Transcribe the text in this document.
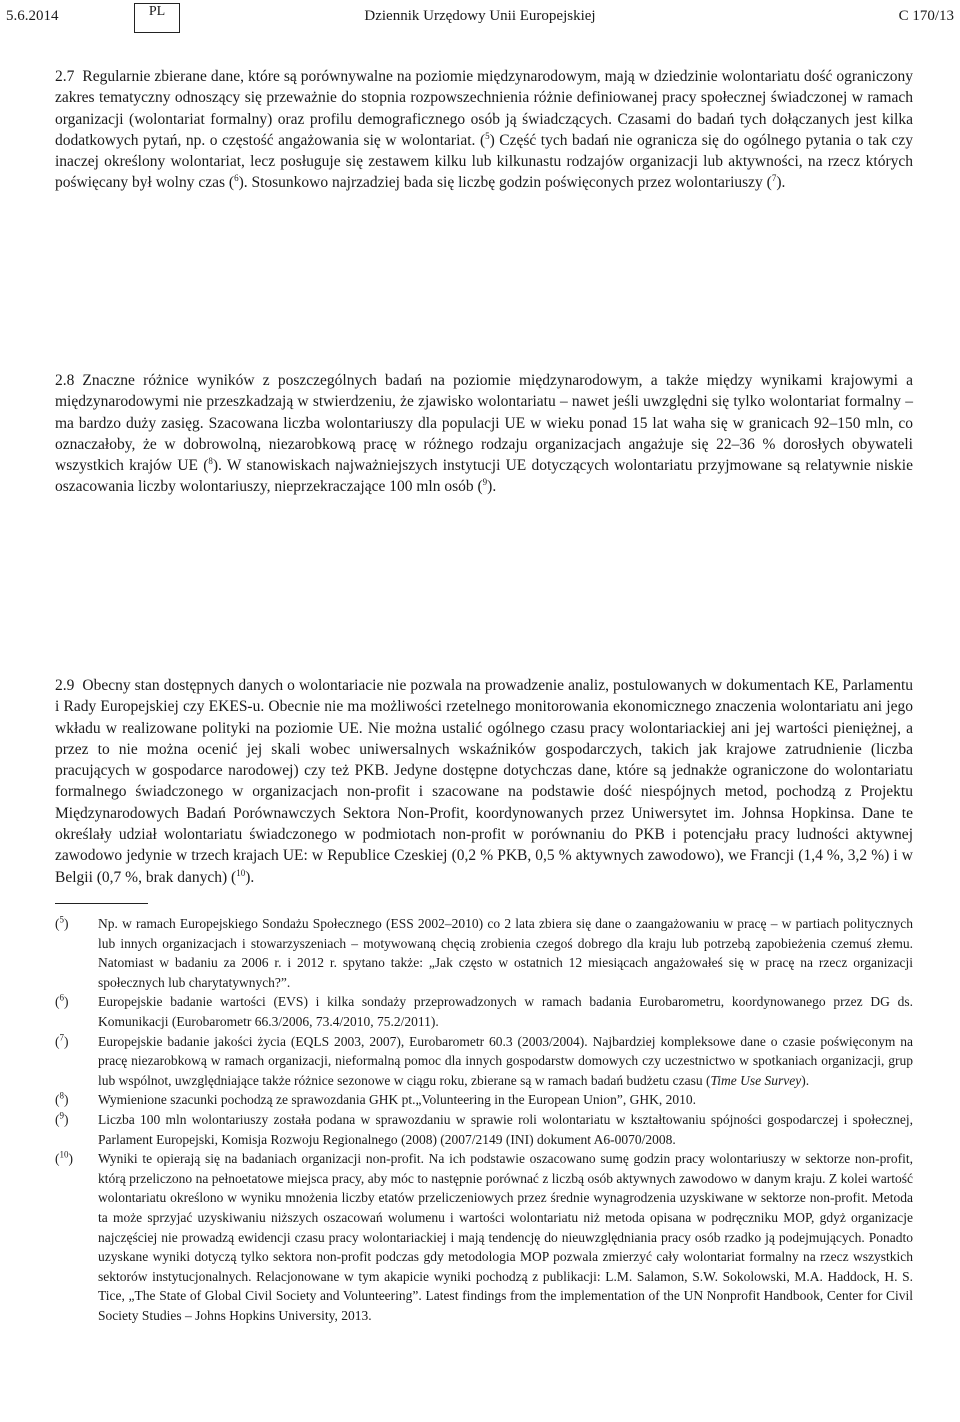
5.6.2014	PL	Dziennik Urzędowy Unii Europejskiej	C 170/13
2.7 Regularnie zbierane dane, które są porównywalne na poziomie międzynarodowym, mają w dziedzinie wolontariatu dość ograniczony zakres tematyczny odnoszący się przeważnie do stopnia rozpowszechnienia różnie definiowanej pracy społecznej świadczonej w ramach organizacji (wolontariat formalny) oraz profilu demograficznego osób ją świadczących. Czasami do badań tych dołączanych jest kilka dodatkowych pytań, np. o częstość angażowania się w wolontariat. ($^5$) Część tych badań nie ogranicza się do ogólnego pytania o tak czy inaczej określony wolontariat, lecz posługuje się zestawem kilku lub kilkunastu rodzajów organizacji lub aktywności, na rzecz których poświęcany był wolny czas ($^6$). Stosunkowo najrzadziej bada się liczbę godzin poświęconych przez wolontariuszy ($^7$).
2.8 Znaczne różnice wyników z poszczególnych badań na poziomie międzynarodowym, a także między wynikami krajowymi a międzynarodowymi nie przeszkadzają w stwierdzeniu, że zjawisko wolontariatu – nawet jeśli uwzględni się tylko wolontariat formalny – ma bardzo duży zasięg. Szacowana liczba wolontariuszy dla populacji UE w wieku ponad 15 lat waha się w granicach 92–150 mln, co oznaczałoby, że w dobrowolną, niezarobkową pracę w różnego rodzaju organizacjach angażuje się 22–36 % dorosłych obywateli wszystkich krajów UE ($^8$). W stanowiskach najważniejszych instytucji UE dotyczących wolontariatu przyjmowane są relatywnie niskie oszacowania liczby wolontariuszy, nieprzekraczające 100 mln osób ($^9$).
2.9 Obecny stan dostępnych danych o wolontariacie nie pozwala na prowadzenie analiz, postulowanych w dokumentach KE, Parlamentu i Rady Europejskiej czy EKES-u. Obecnie nie ma możliwości rzetelnego monitorowania ekonomicznego znaczenia wolontariatu ani jego wkładu w realizowane polityki na poziomie UE. Nie można ustalić ogólnego czasu pracy wolontariackiej ani jej wartości pieniężnej, a przez to nie można ocenić jej skali wobec uniwersalnych wskaźników gospodarczych, takich jak krajowe zatrudnienie (liczba pracujących w gospodarce narodowej) czy też PKB. Jedyne dostępne dotychczas dane, które są jednakże ograniczone do wolontariatu formalnego świadczonego w organizacjach non-profit i szacowane na podstawie dość niespójnych metod, pochodzą z Projektu Międzynarodowych Badań Porównawczych Sektora Non-Profit, koordynowanych przez Uniwersytet im. Johnsa Hopkinsa. Dane te określały udział wolontariatu świadczonego w podmiotach non-profit w porównaniu do PKB i potencjału pracy ludności aktywnej zawodowo jedynie w trzech krajach UE: w Republice Czeskiej (0,2 % PKB, 0,5 % aktywnych zawodowo), we Francji (1,4 %, 3,2 %) i w Belgii (0,7 %, brak danych) ($^{10}$).
($^5$)	Np. w ramach Europejskiego Sondażu Społecznego (ESS 2002–2010) co 2 lata zbiera się dane o zaangażowaniu w pracę – w partiach politycznych lub innych organizacjach i stowarzyszeniach – motywowaną chęcią zrobienia czegoś dobrego dla kraju lub potrzebą zapobieżenia czemuś złemu. Natomiast w badaniu za 2006 r. i 2012 r. spytano także: „Jak często w ostatnich 12 miesiącach angażowałeś się w pracę na rzecz organizacji społecznych lub charytatywnych?”.
($^6$)	Europejskie badanie wartości (EVS) i kilka sondaży przeprowadzonych w ramach badania Eurobarometru, koordynowanego przez DG ds. Komunikacji (Eurobarometr 66.3/2006, 73.4/2010, 75.2/2011).
($^7$)	Europejskie badanie jakości życia (EQLS 2003, 2007), Eurobarometr 60.3 (2003/2004). Najbardziej kompleksowe dane o czasie poświęconym na pracę niezarobkową w ramach organizacji, nieformalną pomoc dla innych gospodarstw domowych czy uczestnictwo w spotkaniach organizacji, grup lub wspólnot, uwzględniające także różnice sezonowe w ciągu roku, zbierane są w ramach badań budżetu czasu (Time Use Survey).
($^8$)	Wymienione szacunki pochodzą ze sprawozdania GHK pt.„Volunteering in the European Union”, GHK, 2010.
($^9$)	Liczba 100 mln wolontariuszy została podana w sprawozdaniu w sprawie roli wolontariatu w kształtowaniu spójności gospodarczej i społecznej, Parlament Europejski, Komisja Rozwoju Regionalnego (2008) (2007/2149 (INI) dokument A6-0070/2008.
($^{10}$)	Wyniki te opierają się na badaniach organizacji non-profit. Na ich podstawie oszacowano sumę godzin pracy wolontariuszy w sektorze non-profit, którą przeliczono na pełnoetatowe miejsca pracy, aby móc to następnie porównać z liczbą osób aktywnych zawodowo w danym kraju. Z kolei wartość wolontariatu określono w wyniku mnożenia liczby etatów przeliczeniowych przez średnie wynagrodzenia uzyskiwane w sektorze non-profit. Metoda ta może sprzyjać uzyskiwaniu niższych oszacowań wolumenu i wartości wolontariatu niż metoda opisana w podręczniku MOP, gdyż organizacje najczęściej nie prowadzą ewidencji czasu pracy wolontariackiej i mają tendencję do nieuwzględniania pracy osób rzadko ją podejmujących. Ponadto uzyskane wyniki dotyczą tylko sektora non-profit podczas gdy metodologia MOP pozwala zmierzyć cały wolontariat formalny na rzecz wszystkich sektorów instytucjonalnych. Relacjonowane w tym akapicie wyniki pochodzą z publikacji: L.M. Salamon, S.W. Sokolowski, M.A. Haddock, H. S. Tice, „The State of Global Civil Society and Volunteering”. Latest findings from the implementation of the UN Nonprofit Handbook, Center for Civil Society Studies – Johns Hopkins University, 2013.
